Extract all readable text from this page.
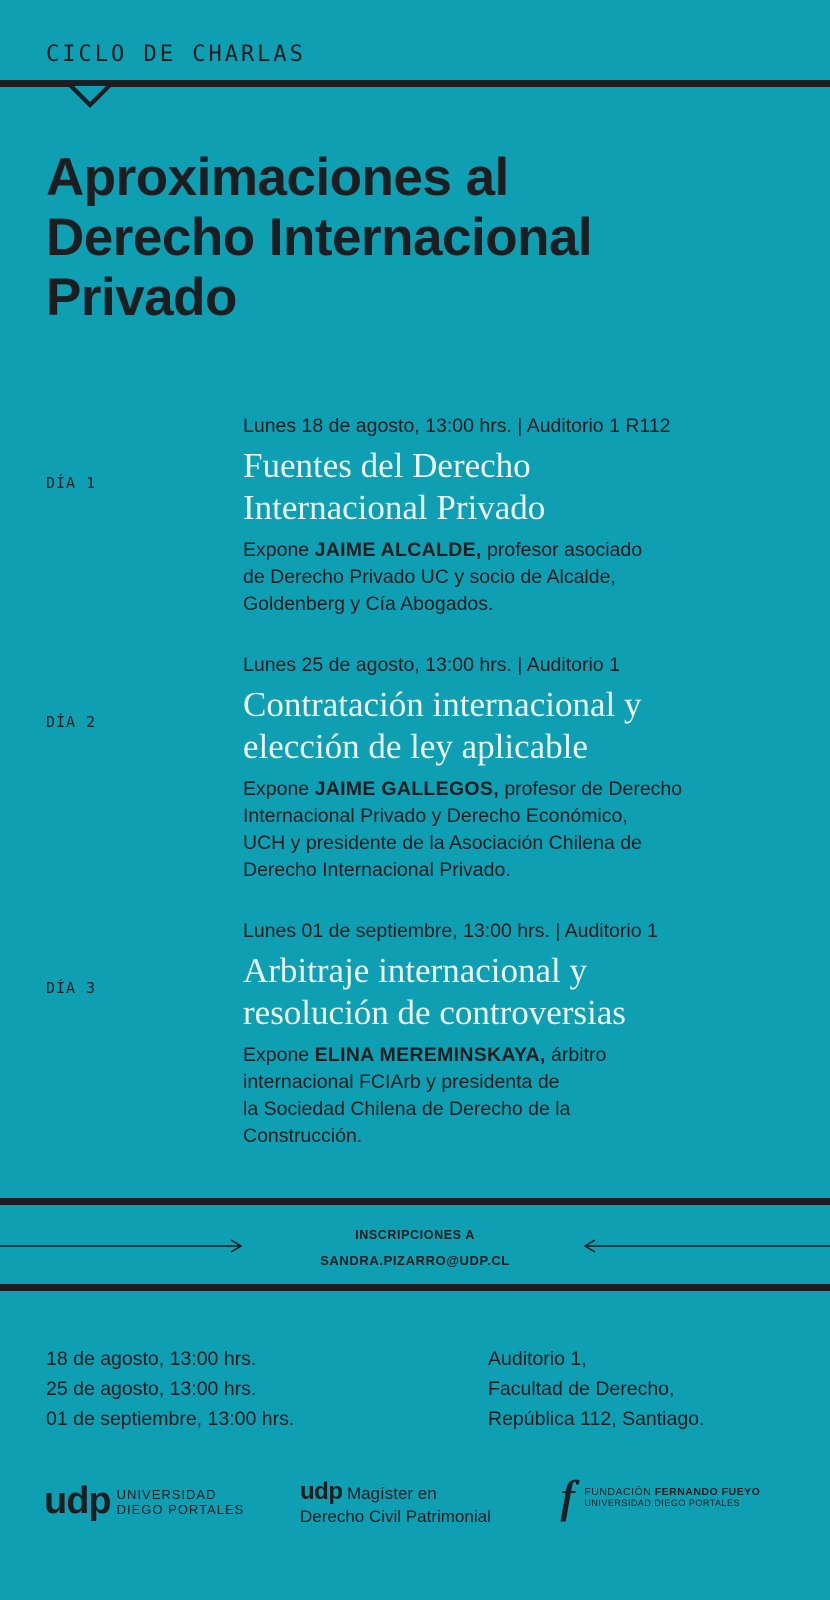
CICLO DE CHARLAS
Aproximaciones al
Derecho Internacional
Privado
DÍA 1
Lunes 18 de agosto, 13:00 hrs. | Auditorio 1 R112
Fuentes del Derecho
Internacional Privado
Expone JAIME ALCALDE, profesor asociado
de Derecho Privado UC y socio de Alcalde,
Goldenberg y Cía Abogados.
DÍA 2
Lunes 25 de agosto, 13:00 hrs. | Auditorio 1
Contratación internacional y
elección de ley aplicable
Expone JAIME GALLEGOS, profesor de Derecho
Internacional Privado y Derecho Económico,
UCH y presidente de la Asociación Chilena de
Derecho Internacional Privado.
DÍA 3
Lunes 01 de septiembre, 13:00 hrs. | Auditorio 1
Arbitraje internacional y
resolución de controversias
Expone ELINA MEREMINSKAYA, árbitro
internacional FCIArb y presidenta de
la Sociedad Chilena de Derecho de la
Construcción.
INSCRIPCIONES A
SANDRA.PIZARRO@UDP.CL
18 de agosto, 13:00 hrs.
25 de agosto, 13:00 hrs.
01 de septiembre, 13:00 hrs.
Auditorio 1,
Facultad de Derecho,
República 112, Santiago.
udp UNIVERSIDAD
DIEGO PORTALES
udp Magíster en
Derecho Civil Patrimonial fff FUNDACIÓN FERNANDO FUEYO
UNIVERSIDAD DIEGO PORTALES
